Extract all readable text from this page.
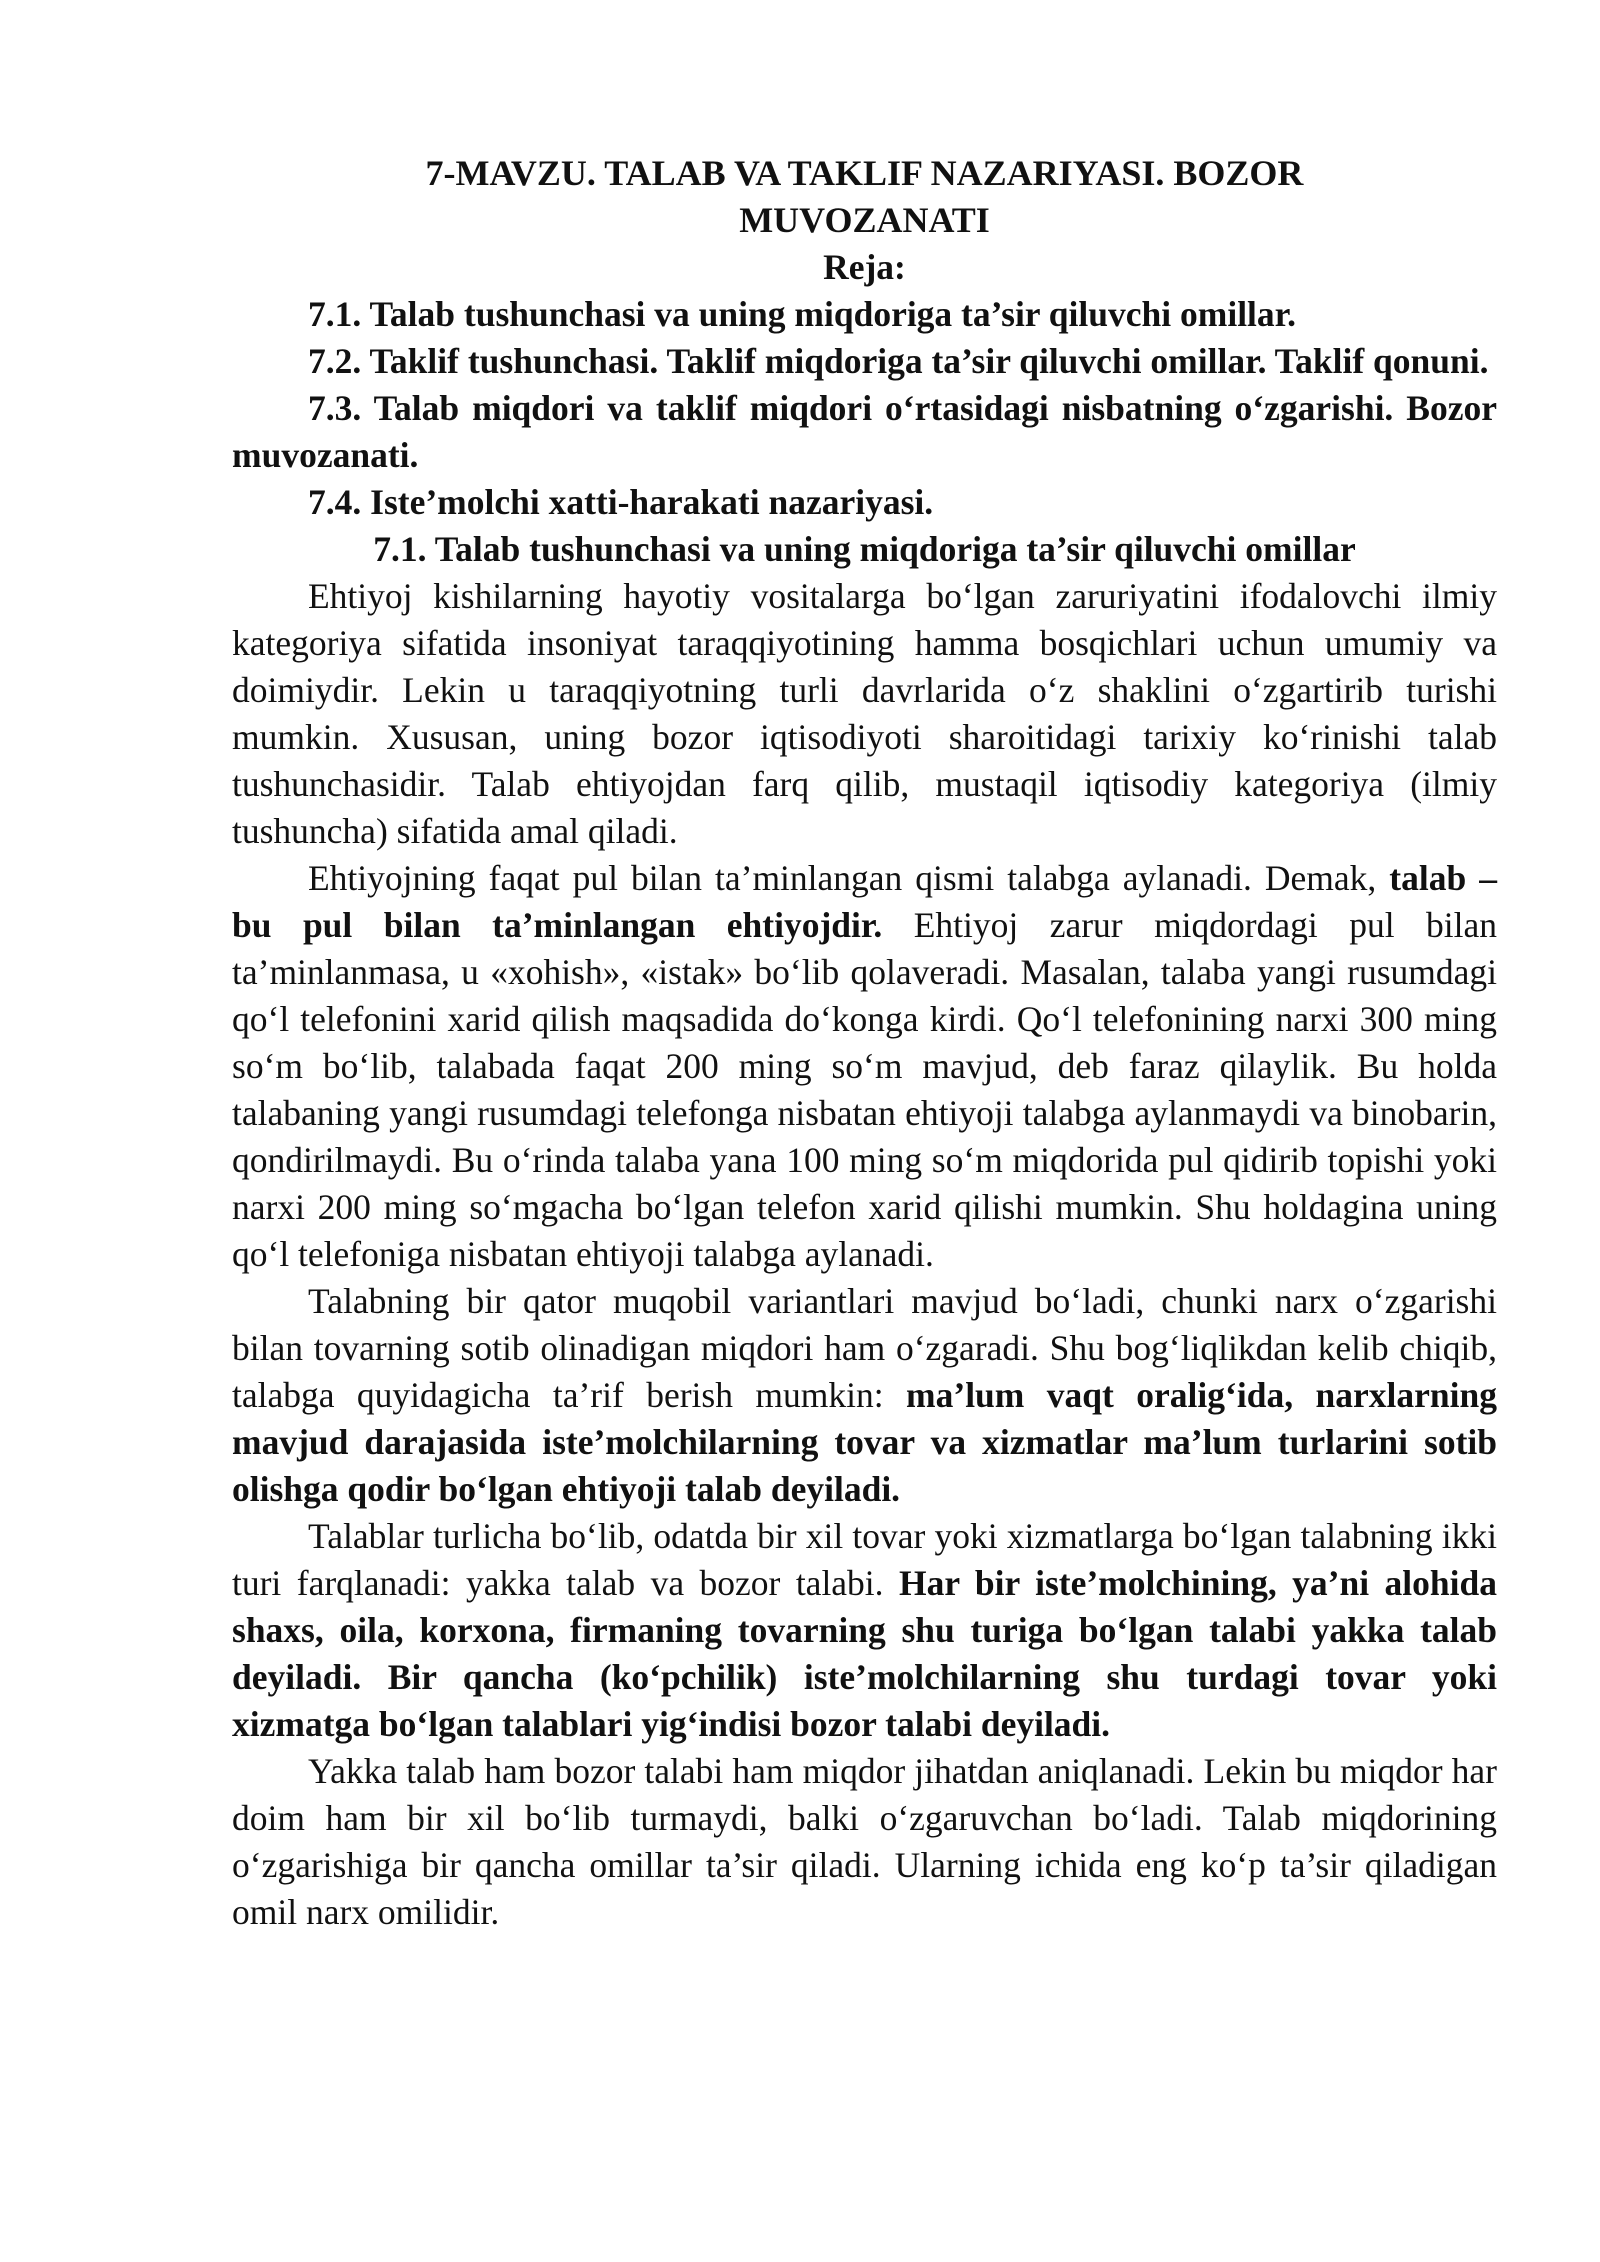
7-MAVZU. TALAB VA TAKLIF NAZARIYASI. BOZOR
MUVOZANATI

Reja:

7.1. Talab tushunchasi va uning miqdoriga ta’sir qiluvchi omillar.

7.2. Taklif tushunchasi. Taklif miqdoriga ta’sir qiluvchi omillar. Taklif qonuni.

7.3. Talab miqdori va taklif miqdori o‘rtasidagi nisbatning o‘zgarishi. Bozor muvozanati.

7.4. Iste’molchi xatti-harakati nazariyasi.

7.1. Talab tushunchasi va uning miqdoriga ta’sir qiluvchi omillar

Ehtiyoj kishilarning hayotiy vositalarga bo‘lgan zaruriyatini ifodalovchi ilmiy kategoriya sifatida insoniyat taraqqiyotining hamma bosqichlari uchun umumiy va doimiydir. Lekin u taraqqiyotning turli davrlarida o‘z shaklini o‘zgartirib turishi mumkin. Xususan, uning bozor iqtisodiyoti sharoitidagi tarixiy ko‘rinishi talab tushunchasidir. Talab ehtiyojdan farq qilib, mustaqil iqtisodiy kategoriya (ilmiy tushuncha) sifatida amal qiladi.

Ehtiyojning faqat pul bilan ta’minlangan qismi talabga aylanadi. Demak, talab – bu pul bilan ta’minlangan ehtiyojdir. Ehtiyoj zarur miqdordagi pul bilan ta’minlanmasa, u «xohish», «istak» bo‘lib qolaveradi. Masalan, talaba yangi rusumdagi qo‘l telefonini xarid qilish maqsadida do‘konga kirdi. Qo‘l telefonining narxi 300 ming so‘m bo‘lib, talabada faqat 200 ming so‘m mavjud, deb faraz qilaylik. Bu holda talabaning yangi rusumdagi telefonga nisbatan ehtiyoji talabga aylanmaydi va binobarin, qondirilmaydi. Bu o‘rinda talaba yana 100 ming so‘m miqdorida pul qidirib topishi yoki narxi 200 ming so‘mgacha bo‘lgan telefon xarid qilishi mumkin. Shu holdagina uning qo‘l telefoniga nisbatan ehtiyoji talabga aylanadi.

Talabning bir qator muqobil variantlari mavjud bo‘ladi, chunki narx o‘zgarishi bilan tovarning sotib olinadigan miqdori ham o‘zgaradi. Shu bog‘liqlikdan kelib chiqib, talabga quyidagicha ta’rif berish mumkin: ma’lum vaqt oralig‘ida, narxlarning mavjud darajasida iste’molchilarning tovar va xizmatlar ma’lum turlarini sotib olishga qodir bo‘lgan ehtiyoji talab deyiladi.

Talablar turlicha bo‘lib, odatda bir xil tovar yoki xizmatlarga bo‘lgan talabning ikki turi farqlanadi: yakka talab va bozor talabi. Har bir iste’molchining, ya’ni alohida shaxs, oila, korxona, firmaning tovarning shu turiga bo‘lgan talabi yakka talab deyiladi. Bir qancha (ko‘pchilik) iste’molchilarning shu turdagi tovar yoki xizmatga bo‘lgan talablari yig‘indisi bozor talabi deyiladi.

Yakka talab ham bozor talabi ham miqdor jihatdan aniqlanadi. Lekin bu miqdor har doim ham bir xil bo‘lib turmaydi, balki o‘zgaruvchan bo‘ladi. Talab miqdorining o‘zgarishiga bir qancha omillar ta’sir qiladi. Ularning ichida eng ko‘p ta’sir qiladigan omil narx omilidir.
